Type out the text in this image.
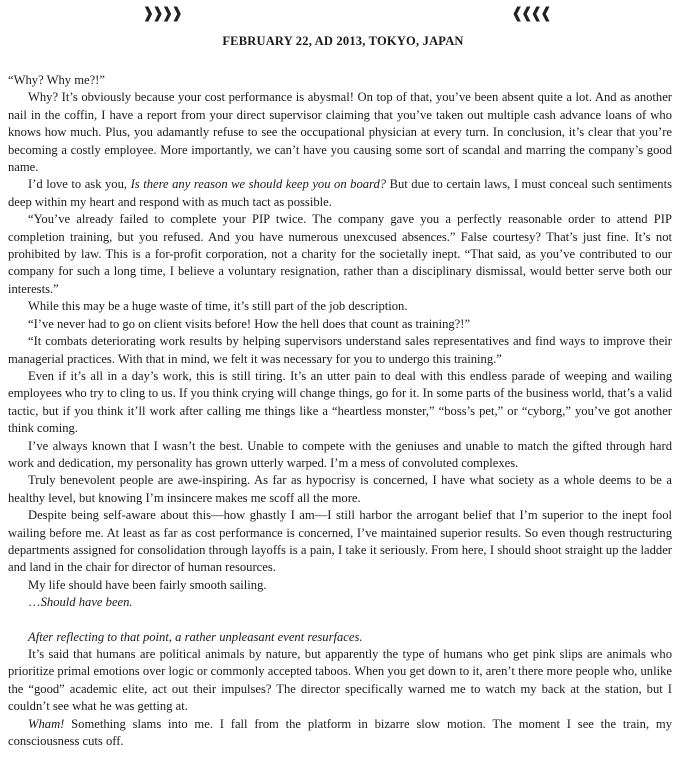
❱❱❱❱	❰❰❰❰
FEBRUARY 22, AD 2013, TOKYO, JAPAN

“Why? Why me?!”

Why? It’s obviously because your cost performance is abysmal! On top of that, you’ve been absent quite a lot. And as another nail in the coffin, I have a report from your direct supervisor claiming that you’ve taken out multiple cash advance loans of who knows how much. Plus, you adamantly refuse to see the occupational physician at every turn. In conclusion, it’s clear that you’re becoming a costly employee. More importantly, we can’t have you causing some sort of scandal and marring the company’s good name.

I’d love to ask you, Is there any reason we should keep you on board? But due to certain laws, I must conceal such sentiments deep within my heart and respond with as much tact as possible.

“You’ve already failed to complete your PIP twice. The company gave you a perfectly reasonable order to attend PIP completion training, but you refused. And you have numerous unexcused absences.” False courtesy? That’s just fine. It’s not prohibited by law. This is a for-profit corporation, not a charity for the societally inept. “That said, as you’ve contributed to our company for such a long time, I believe a voluntary resignation, rather than a disciplinary dismissal, would better serve both our interests.”

While this may be a huge waste of time, it’s still part of the job description.

“I’ve never had to go on client visits before! How the hell does that count as training?!”

“It combats deteriorating work results by helping supervisors understand sales representatives and find ways to improve their managerial practices. With that in mind, we felt it was necessary for you to undergo this training.”

Even if it’s all in a day’s work, this is still tiring. It’s an utter pain to deal with this endless parade of weeping and wailing employees who try to cling to us. If you think crying will change things, go for it. In some parts of the business world, that’s a valid tactic, but if you think it’ll work after calling me things like a “heartless monster,” “boss’s pet,” or “cyborg,” you’ve got another think coming.

I’ve always known that I wasn’t the best. Unable to compete with the geniuses and unable to match the gifted through hard work and dedication, my personality has grown utterly warped. I’m a mess of convoluted complexes.

Truly benevolent people are awe-inspiring. As far as hypocrisy is concerned, I have what society as a whole deems to be a healthy level, but knowing I’m insincere makes me scoff all the more.

Despite being self-aware about this—how ghastly I am—I still harbor the arrogant belief that I’m superior to the inept fool wailing before me. At least as far as cost performance is concerned, I’ve maintained superior results. So even though restructuring departments assigned for consolidation through layoffs is a pain, I take it seriously. From here, I should shoot straight up the ladder and land in the chair for director of human resources.

My life should have been fairly smooth sailing.

…Should have been.

After reflecting to that point, a rather unpleasant event resurfaces.

It’s said that humans are political animals by nature, but apparently the type of humans who get pink slips are animals who prioritize primal emotions over logic or commonly accepted taboos. When you get down to it, aren’t there more people who, unlike the “good” academic elite, act out their impulses? The director specifically warned me to watch my back at the station, but I couldn’t see what he was getting at.

Wham! Something slams into me. I fall from the platform in bizarre slow motion. The moment I see the train, my consciousness cuts off.
